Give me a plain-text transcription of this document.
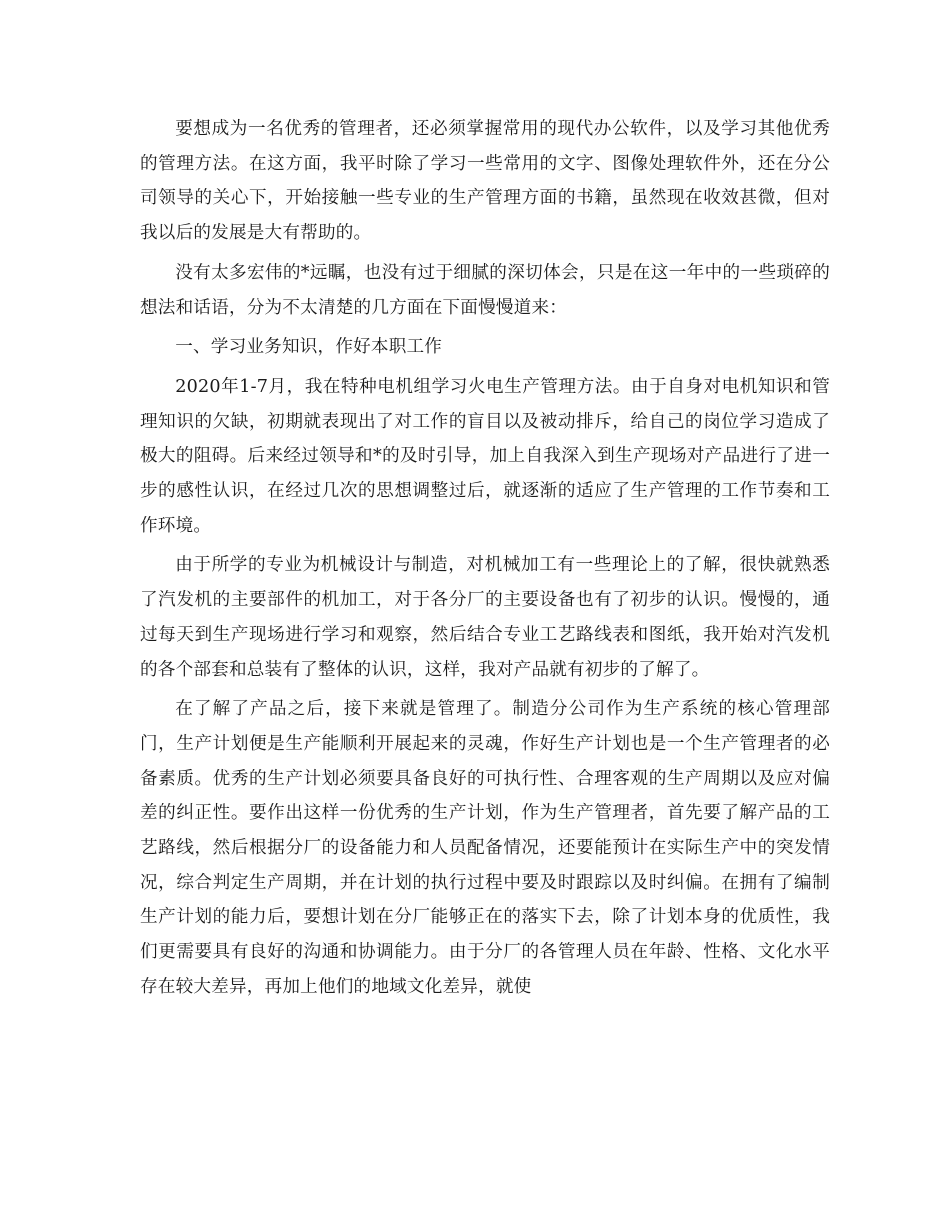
要想成为一名优秀的管理者，还必须掌握常用的现代办公软件，以及学习其他优秀的管理方法。在这方面，我平时除了学习一些常用的文字、图像处理软件外，还在分公司领导的关心下，开始接触一些专业的生产管理方面的书籍，虽然现在收效甚微，但对我以后的发展是大有帮助的。

没有太多宏伟的*远瞩，也没有过于细腻的深切体会，只是在这一年中的一些琐碎的想法和话语，分为不太清楚的几方面在下面慢慢道来：

一、学习业务知识，作好本职工作

2020年1-7月，我在特种电机组学习火电生产管理方法。由于自身对电机知识和管理知识的欠缺，初期就表现出了对工作的盲目以及被动排斥，给自己的岗位学习造成了极大的阻碍。后来经过领导和*的及时引导，加上自我深入到生产现场对产品进行了进一步的感性认识，在经过几次的思想调整过后，就逐渐的适应了生产管理的工作节奏和工作环境。

由于所学的专业为机械设计与制造，对机械加工有一些理论上的了解，很快就熟悉了汽发机的主要部件的机加工，对于各分厂的主要设备也有了初步的认识。慢慢的，通过每天到生产现场进行学习和观察，然后结合专业工艺路线表和图纸，我开始对汽发机的各个部套和总装有了整体的认识，这样，我对产品就有初步的了解了。

在了解了产品之后，接下来就是管理了。制造分公司作为生产系统的核心管理部门，生产计划便是生产能顺利开展起来的灵魂，作好生产计划也是一个生产管理者的必备素质。优秀的生产计划必须要具备良好的可执行性、合理客观的生产周期以及应对偏差的纠正性。要作出这样一份优秀的生产计划，作为生产管理者，首先要了解产品的工艺路线，然后根据分厂的设备能力和人员配备情况，还要能预计在实际生产中的突发情况，综合判定生产周期，并在计划的执行过程中要及时跟踪以及时纠偏。在拥有了编制生产计划的能力后，要想计划在分厂能够正在的落实下去，除了计划本身的优质性，我们更需要具有良好的沟通和协调能力。由于分厂的各管理人员在年龄、性格、文化水平存在较大差异，再加上他们的地域文化差异，就使
